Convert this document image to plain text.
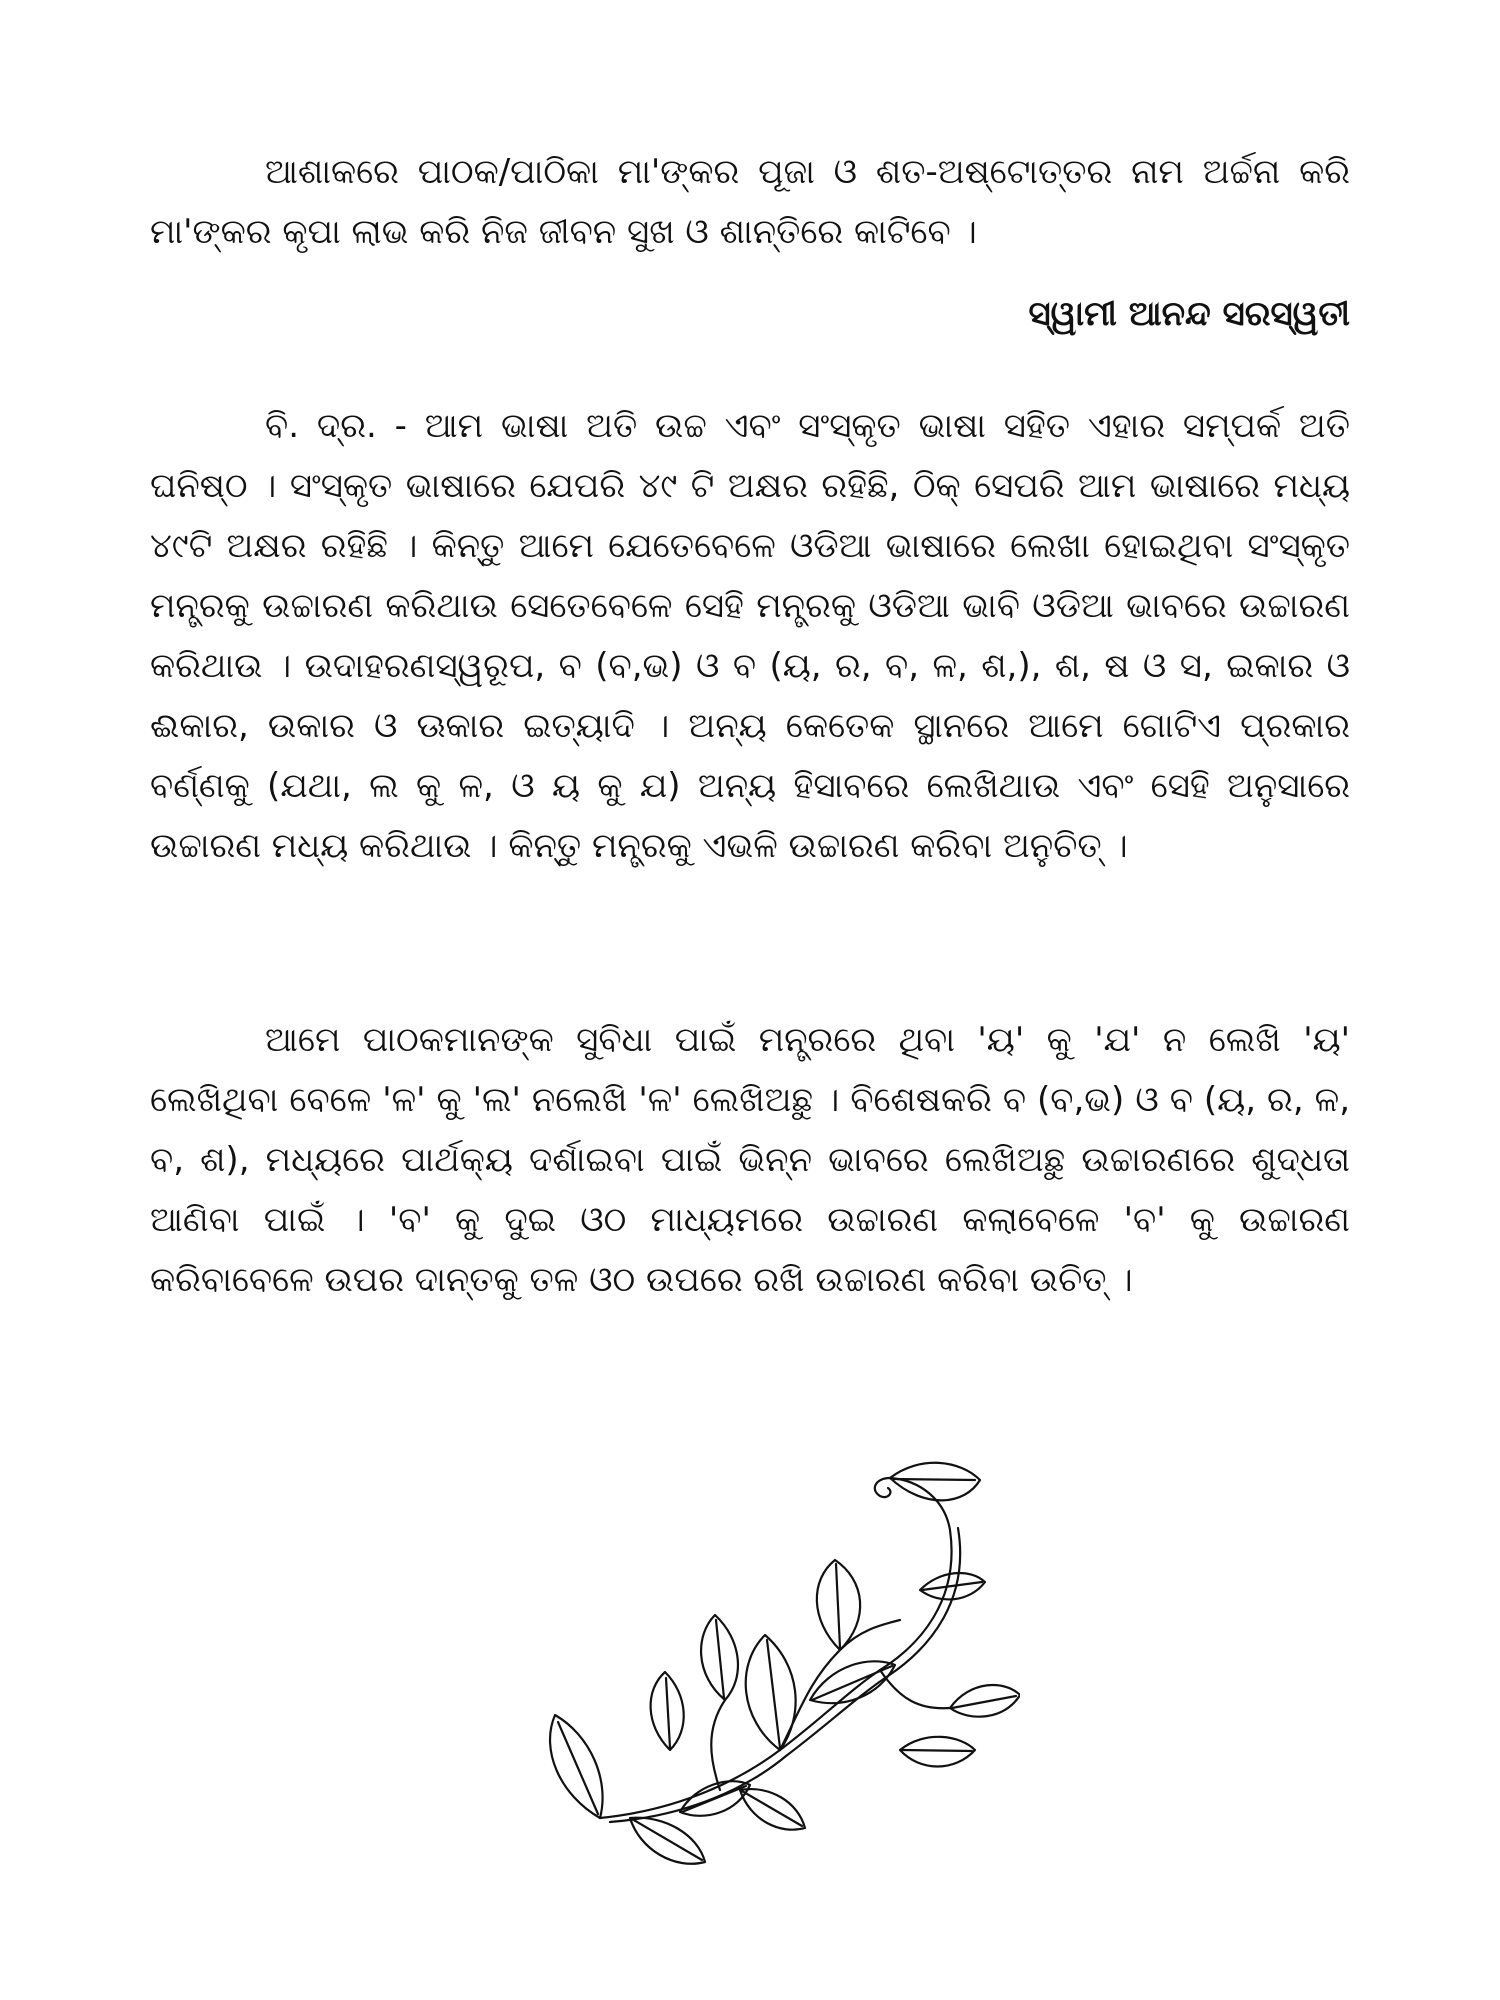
ଆଶାକରେ ପାଠକ/ପାଠିକା ମା'ଙ୍କର ପୂଜା ଓ ଶତ-ଅଷ୍ଟୋତ୍ତର ନାମ ଅର୍ଚ୍ଚନା କରି ମା'ଙ୍କର କୃପା ଲାଭ କରି ନିଜ ଜୀବନ ସୁଖ ଓ ଶାନ୍ତିରେ କାଟିବେ ।

ସ୍ୱାମୀ ଆନନ୍ଦ ସରସ୍ୱତୀ

ବି. ଦ୍ର. - ଆମ ଭାଷା ଅତି ଉଚ୍ଚ ଏବଂ ସଂସ୍କୃତ ଭାଷା ସହିତ ଏହାର ସମ୍ପର୍କ ଅତି ଘନିଷ୍ଠ । ସଂସ୍କୃତ ଭାଷାରେ ଯେପରି ୪୯ ଟି ଅକ୍ଷର ରହିଛି, ଠିକ୍ ସେପରି ଆମ ଭାଷାରେ ମଧ୍ୟ ୪୯ଟି ଅକ୍ଷର ରହିଛି । କିନ୍ତୁ ଆମେ ଯେତେବେଳେ ଓଡିଆ ଭାଷାରେ ଲେଖା ହୋଇଥିବା ସଂସ୍କୃତ ମନ୍ତ୍ରକୁ ଉଚ୍ଚାରଣ କରିଥାଉ ସେତେବେଳେ ସେହି ମନ୍ତ୍ରକୁ ଓଡିଆ ଭାବି ଓଡିଆ ଭାବରେ ଉଚ୍ଚାରଣ କରିଥାଉ । ଉଦାହରଣସ୍ୱରୂପ, ବ (ବ,ଭ) ଓ ବ (ୟ, ର, ବ, ଳ, ଶ,), ଶ, ଷ ଓ ସ, ଇକାର ଓ ଈକାର, ଉକାର ଓ ଊକାର ଇତ୍ୟାଦି । ଅନ୍ୟ କେତେକ ସ୍ଥାନରେ ଆମେ ଗୋଟିଏ ପ୍ରକାର ବର୍ଣ୍ଣକୁ (ଯଥା, ଲ କୁ ଳ, ଓ ୟ କୁ ଯ) ଅନ୍ୟ ହିସାବରେ ଲେଖିଥାଉ ଏବଂ ସେହି ଅନୁସାରେ ଉଚ୍ଚାରଣ ମଧ୍ୟ କରିଥାଉ । କିନ୍ତୁ ମନ୍ତ୍ରକୁ ଏଭଳି ଉଚ୍ଚାରଣ କରିବା ଅନୁଚିତ୍ ।

ଆମେ ପାଠକମାନଙ୍କ ସୁବିଧା ପାଇଁ ମନ୍ତ୍ରରେ ଥିବା 'ୟ' କୁ 'ଯ' ନ ଲେଖି 'ୟ' ଲେଖିଥିବା ବେଳେ 'ଳ' କୁ 'ଲ' ନଲେଖି 'ଳ' ଲେଖିଅଛୁ । ବିଶେଷକରି ବ (ବ,ଭ) ଓ ବ (ୟ, ର, ଳ, ବ, ଶ), ମଧ୍ୟରେ ପାର୍ଥକ୍ୟ ଦର୍ଶାଇବା ପାଇଁ ଭିନ୍ନ ଭାବରେ ଲେଖିଅଛୁ ଉଚ୍ଚାରଣରେ ଶୁଦ୍ଧତା ଆଣିବା ପାଇଁ । 'ବ' କୁ ଦୁଇ ଓଠ ମାଧ୍ୟମରେ ଉଚ୍ଚାରଣ କଲାବେଳେ 'ବ' କୁ ଉଚ୍ଚାରଣ କରିବାବେଳେ ଉପର ଦାନ୍ତକୁ ତଳ ଓଠ ଉପରେ ରଖି ଉଚ୍ଚାରଣ କରିବା ଉଚିତ୍ ।
